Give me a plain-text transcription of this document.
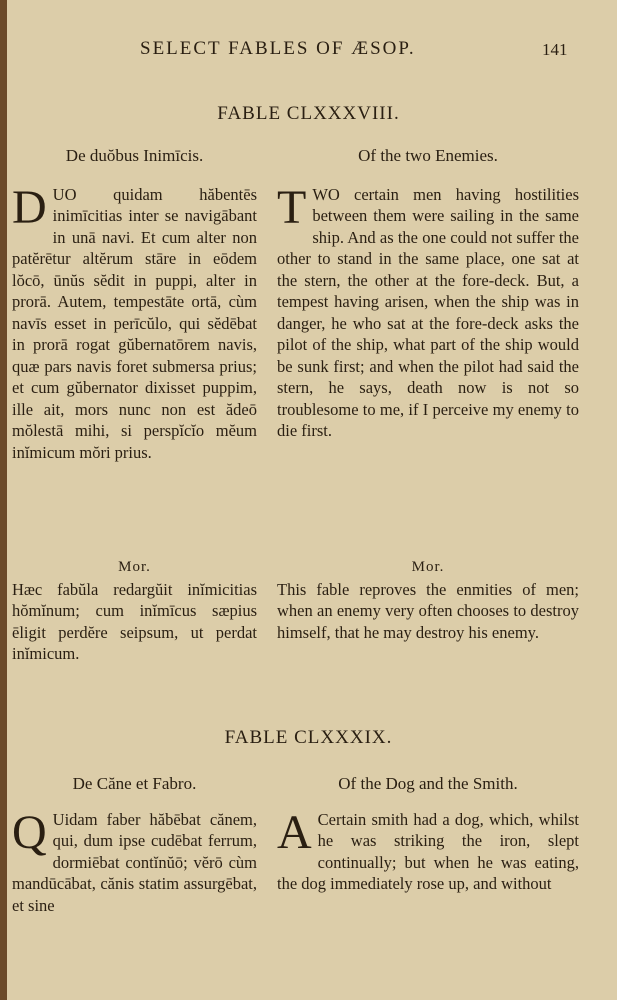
SELECT FABLES OF ÆSOP.	141
FABLE CLXXXVIII.
De duŏbus Inimīcis.

DUO quidam hăbentēs inimīcitias inter se navigābant in unā navi. Et cum alter non patĕrētur altĕrum stāre in eōdem lŏcō, ūnŭs sĕdit in puppi, alter in prorā. Autem, tempestāte ortā, cùm navīs esset in perīcŭlo, qui sĕdēbat in prorā rogat gŭbernatōrem navis, quæ pars navis foret submersa prius; et cum gŭbernator dixisset puppim, ille ait, mors nunc non est ădeō mŏlestā mihi, si perspĭcĭo mĕum inĭmicum mŏri prius.

Of the two Enemies.

TWO certain men having hostilities between them were sailing in the same ship. And as the one could not suffer the other to stand in the same place, one sat at the stern, the other at the fore-deck. But, a tempest having arisen, when the ship was in danger, he who sat at the fore-deck asks the pilot of the ship, what part of the ship would be sunk first; and when the pilot had said the stern, he says, death now is not so troublesome to me, if I perceive my enemy to die first.

Mor.

Hæc fabŭla redargŭit inĭmicitias hŏmĭnum; cum inĭmīcus sæpius ēligit perdĕre seipsum, ut perdat inĭmicum.

Mor.

This fable reproves the enmities of men; when an enemy very often chooses to destroy himself, that he may destroy his enemy.

FABLE CLXXXIX.
De Căne et Fabro.

Q Uidam faber hăbēbat cănem, qui, dum ipse cudēbat ferrum, dormiēbat contĭnŭō; vĕrō cùm mandūcābat, cănis statim assurgēbat, et sine

Of the Dog and the Smith.

A Certain smith had a dog, which, whilst he was striking the iron, slept continually; but when he was eating, the dog immediately rose up, and without
